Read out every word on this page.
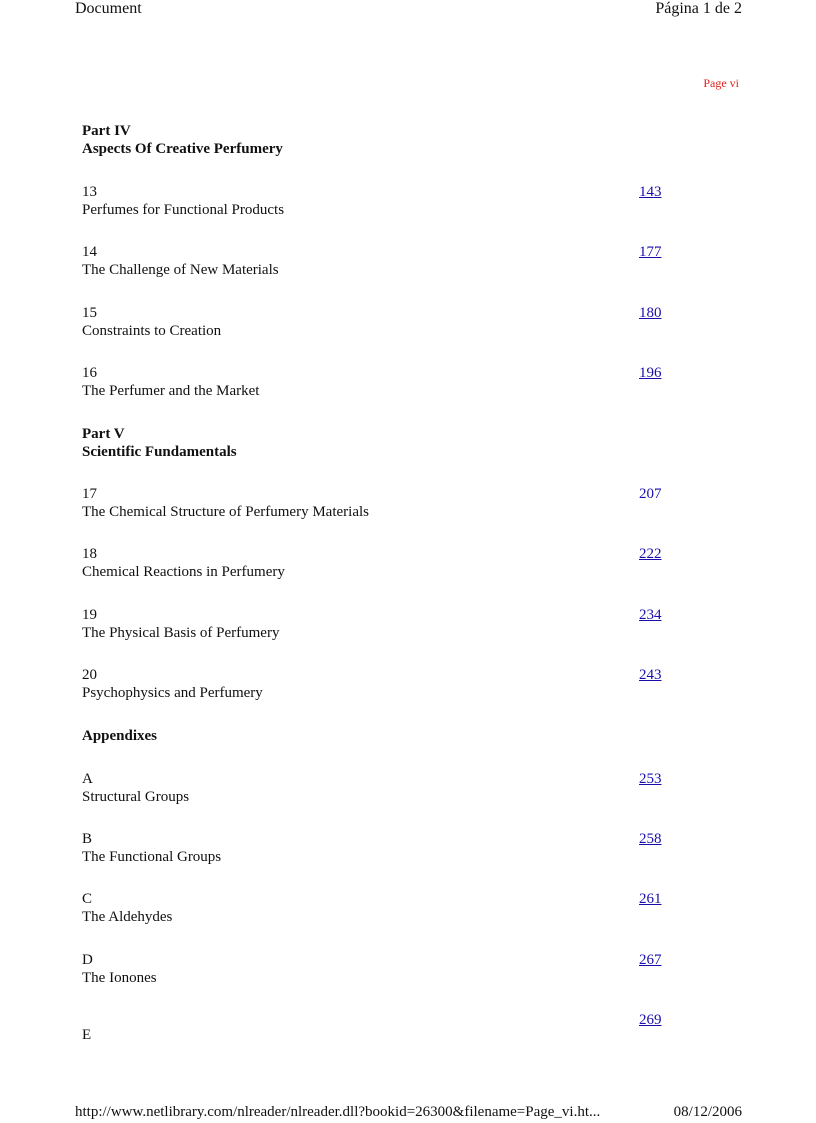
Document	Página 1 de 2
Page vi
Part IV
Aspects Of Creative Perfumery
13
Perfumes for Functional Products
143
14
The Challenge of New Materials
177
15
Constraints to Creation
180
16
The Perfumer and the Market
196
Part V
Scientific Fundamentals
17
The Chemical Structure of Perfumery Materials
207
18
Chemical Reactions in Perfumery
222
19
The Physical Basis of Perfumery
234
20
Psychophysics and Perfumery
243
Appendixes
A
Structural Groups
253
B
The Functional Groups
258
C
The Aldehydes
261
D
The Ionones
267
E
269
http://www.netlibrary.com/nlreader/nlreader.dll?bookid=26300&filename=Page_vi.ht...	08/12/2006
